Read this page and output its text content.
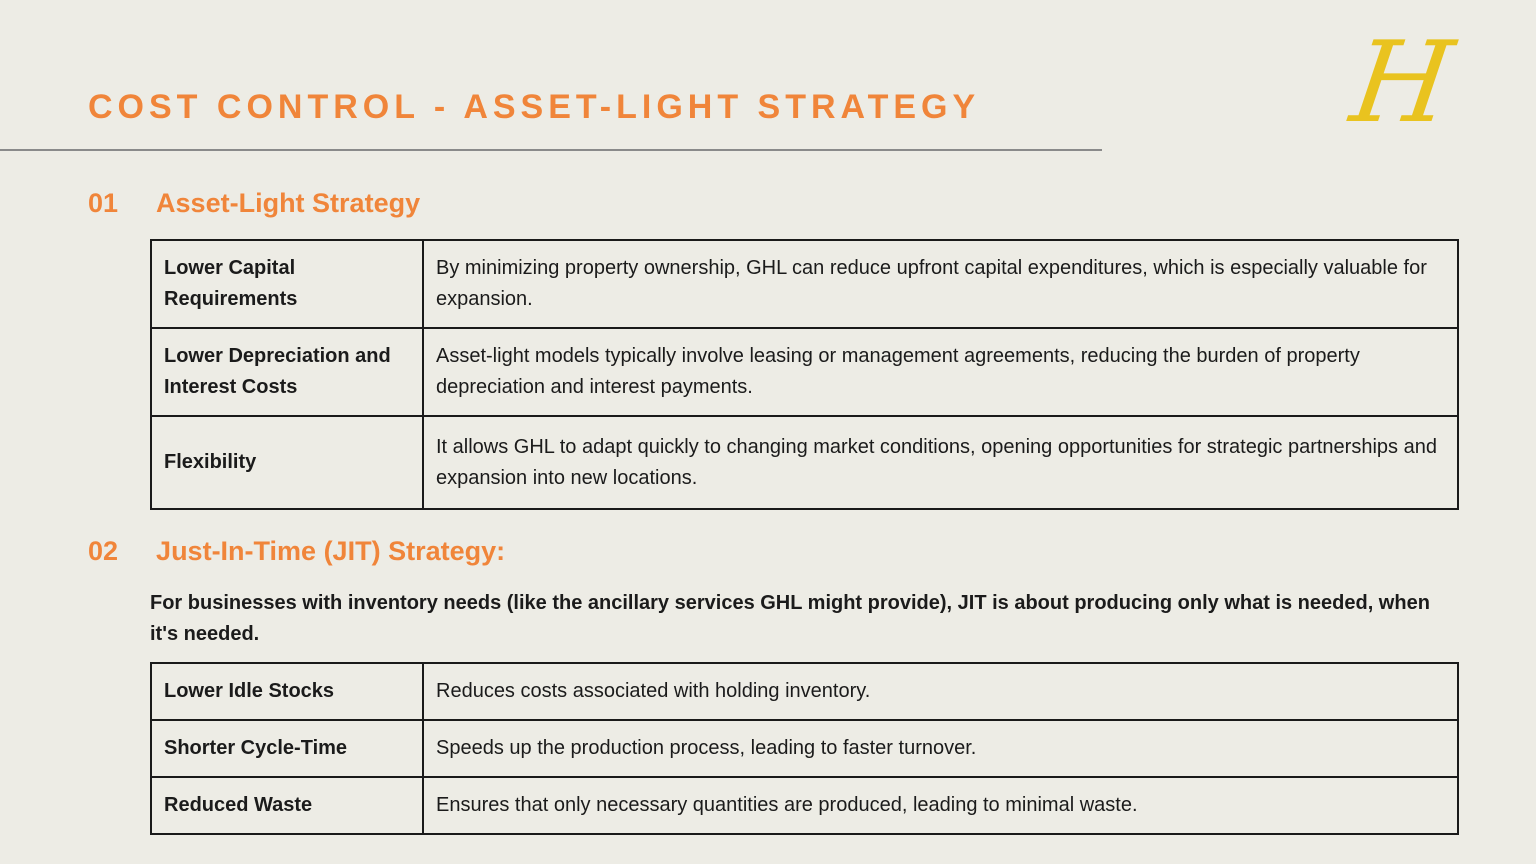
COST CONTROL - ASSET-LIGHT STRATEGY	H
01 Asset-Light Strategy
Lower Capital Requirements	By minimizing property ownership, GHL can reduce upfront capital expenditures, which is especially valuable for expansion.
Lower Depreciation and Interest Costs	Asset-light models typically involve leasing or management agreements, reducing the burden of property depreciation and interest payments.
Flexibility	It allows GHL to adapt quickly to changing market conditions, opening opportunities for strategic partnerships and expansion into new locations.
02 Just-In-Time (JIT) Strategy:

For businesses with inventory needs (like the ancillary services GHL might provide), JIT is about producing only what is needed, when it's needed.

Lower Idle Stocks	Reduces costs associated with holding inventory.
Shorter Cycle-Time	Speeds up the production process, leading to faster turnover.
Reduced Waste	Ensures that only necessary quantities are produced, leading to minimal waste.
